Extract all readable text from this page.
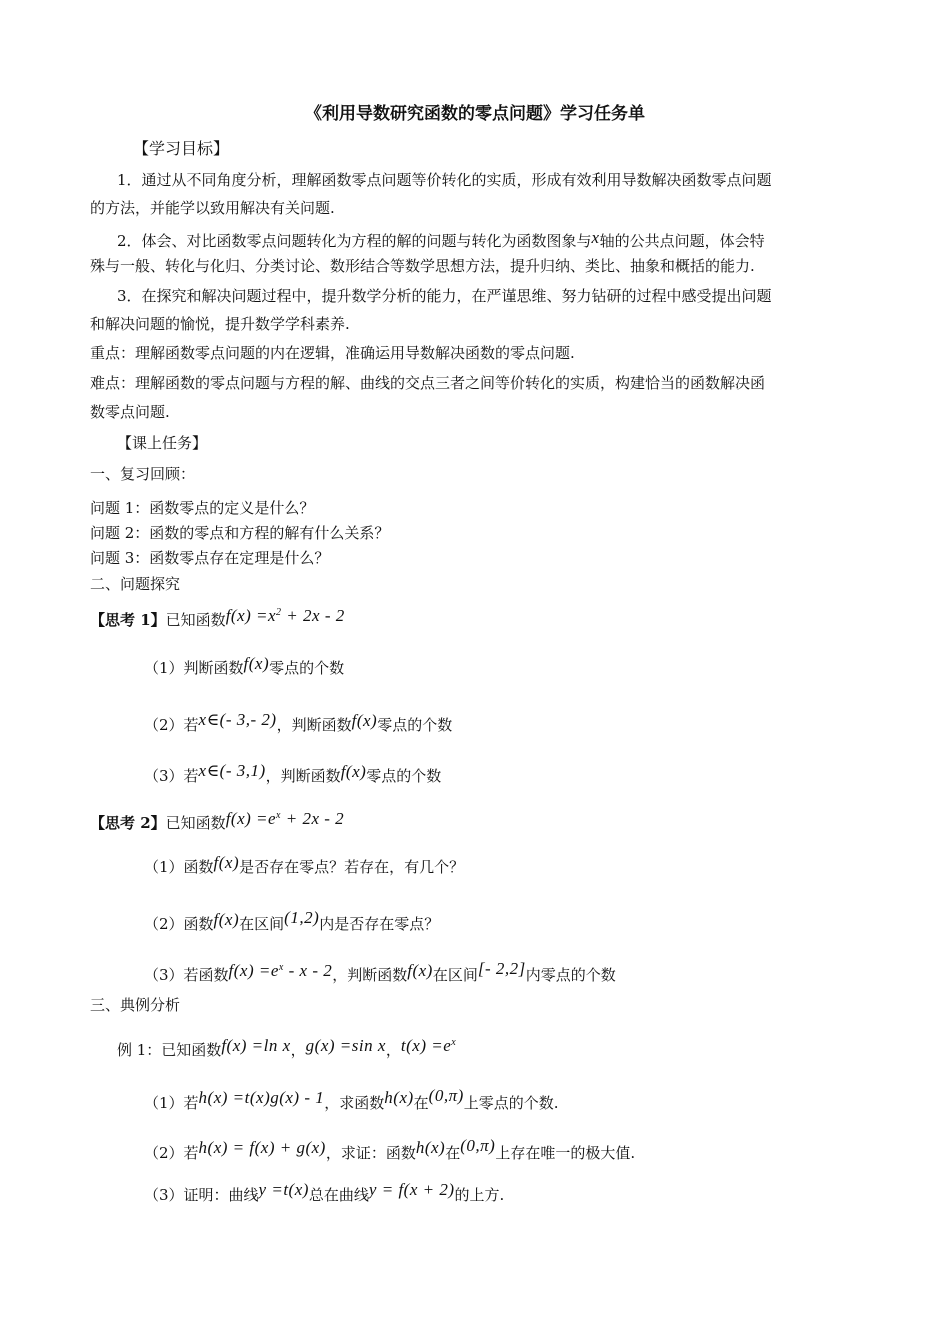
《利用导数研究函数的零点问题》学习任务单
【学习目标】
1．通过从不同角度分析，理解函数零点问题等价转化的实质，形成有效利用导数解决函数零点问题
的方法，并能学以致用解决有关问题.
2．体会、对比函数零点问题转化为方程的解的问题与转化为函数图象与x轴的公共点问题，体会特
殊与一般、转化与化归、分类讨论、数形结合等数学思想方法，提升归纳、类比、抽象和概括的能力.
3．在探究和解决问题过程中，提升数学分析的能力，在严谨思维、努力钻研的过程中感受提出问题
和解决问题的愉悦，提升数学学科素养.
重点：理解函数零点问题的内在逻辑，准确运用导数解决函数的零点问题.
难点：理解函数的零点问题与方程的解、曲线的交点三者之间等价转化的实质，构建恰当的函数解决函
数零点问题.
【课上任务】
一、复习回顾：
问题 1：函数零点的定义是什么？
问题 2：函数的零点和方程的解有什么关系？
问题 3：函数零点存在定理是什么？
二、问题探究
【思考 1】已知函数$f(x) =x^2 + 2x - 2$
（1）判断函数f(x)零点的个数
（2）若x∈(- 3,- 2)，判断函数f(x)零点的个数
（3）若x∈(- 3,1)，判断函数f(x)零点的个数
【思考 2】已知函数$f(x) =e^x + 2x - 2$
（1）函数f(x)是否存在零点？若存在，有几个？
（2）函数f(x)在区间(1,2)内是否存在零点？
（3）若函数$f(x) =e^x - x - 2$，判断函数f(x)在区间[- 2,2]内零点的个数
三、典例分析
例 1：已知函数f(x) =ln x，g(x) =sin x，$t(x) =e^x$
（1）若h(x) =t(x)g(x) - 1，求函数h(x)在(0,π)上零点的个数.
（2）若h(x) = f(x) + g(x)，求证：函数h(x)在(0,π)上存在唯一的极大值.
（3）证明：曲线y =t(x)总在曲线y = f(x + 2)的上方.
